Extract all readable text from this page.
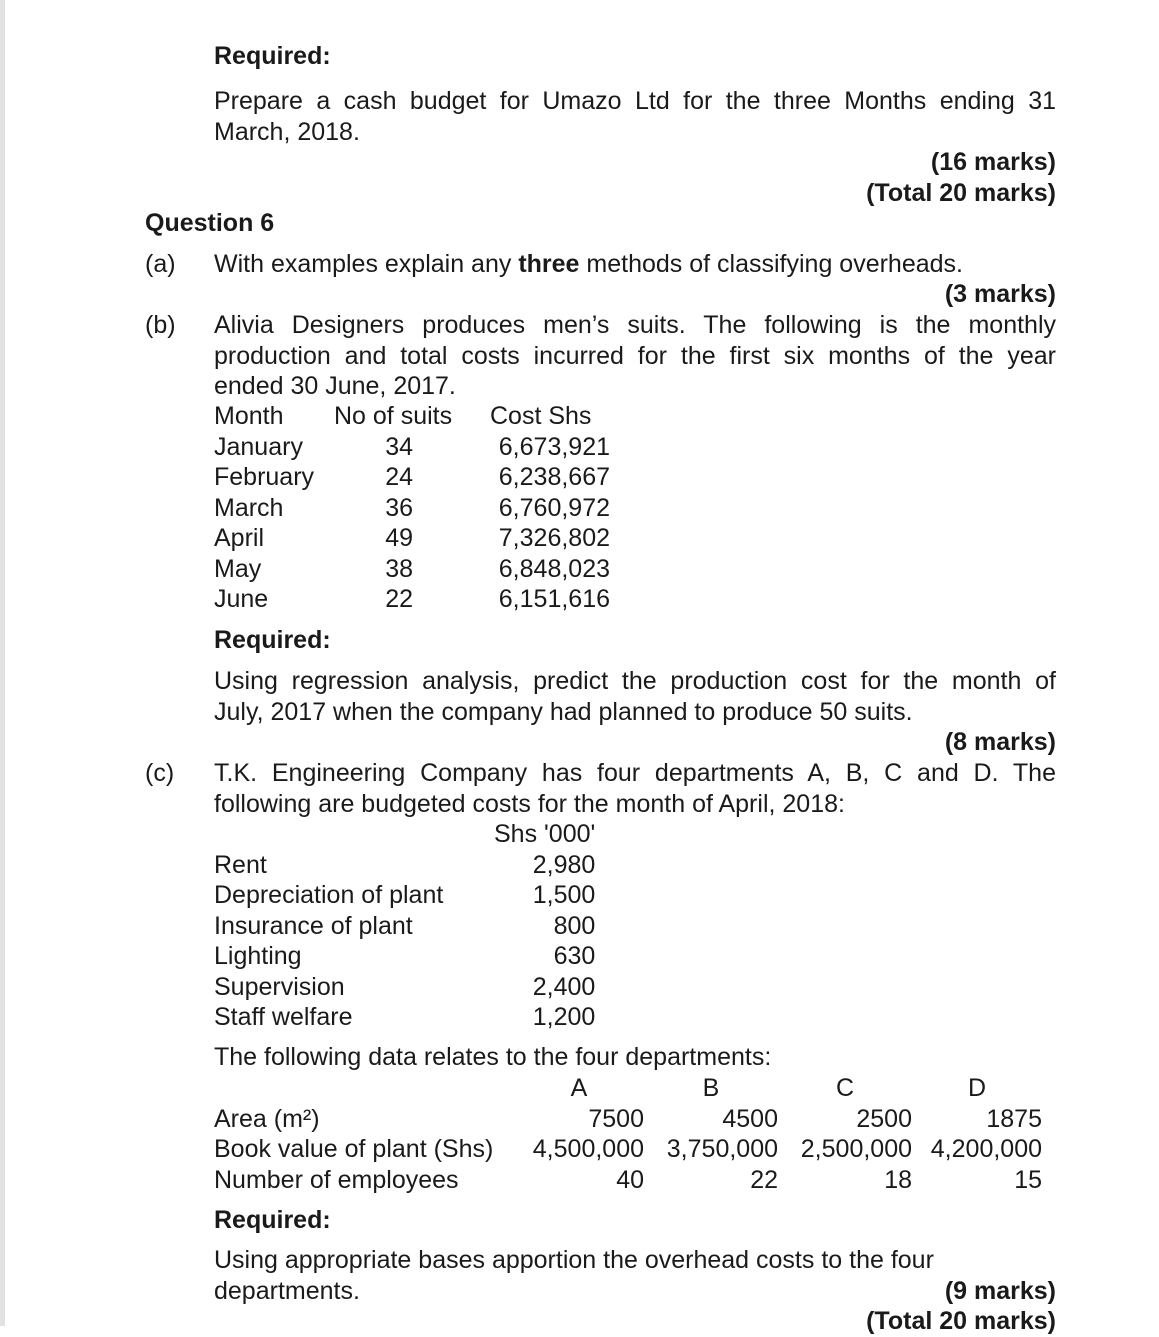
Required:
Prepare a cash budget for Umazo Ltd for the three Months ending 31
March, 2018.
(16 marks)
(Total 20 marks)
Question 6
(a) With examples explain any three methods of classifying overheads.
(3 marks)
(b) Alivia Designers produces men’s suits. The following is the monthly
production and total costs incurred for the first six months of the year
ended 30 June, 2017.
Month	No of suits	Cost Shs
January	34	6,673,921
February	24	6,238,667
March	36	6,760,972
April	49	7,326,802
May	38	6,848,023
June	22	6,151,616
Required:
Using regression analysis, predict the production cost for the month of
July, 2017 when the company had planned to produce 50 suits.
(8 marks)
(c) T.K. Engineering Company has four departments A, B, C and D. The
following are budgeted costs for the month of April, 2018:
	Shs '000'
Rent	2,980
Depreciation of plant	1,500
Insurance of plant	800
Lighting	630
Supervision	2,400
Staff welfare	1,200
The following data relates to the four departments:
	A	B	C	D
Area (m²)	7500	4500	2500	1875
Book value of plant (Shs)	4,500,000	3,750,000	2,500,000	4,200,000
Number of employees	40	22	18	15
Required:
Using appropriate bases apportion the overhead costs to the four
departments.	(9 marks)
(Total 20 marks)
